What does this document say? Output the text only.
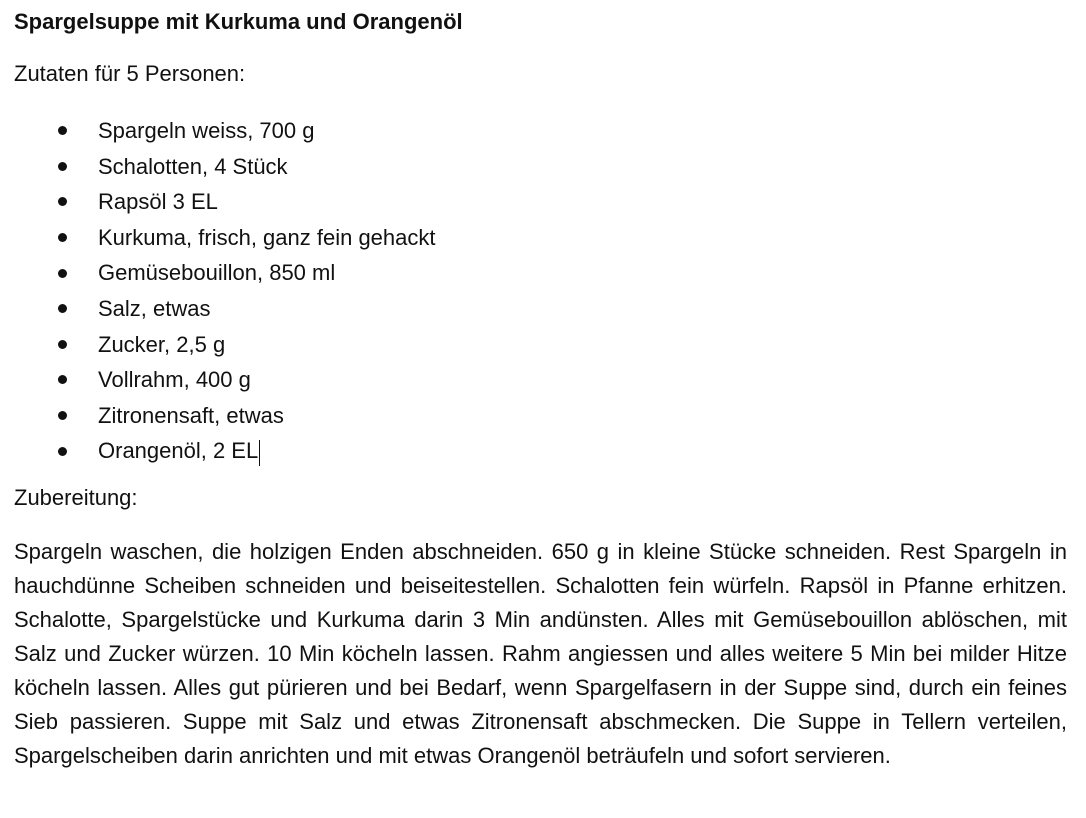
Spargelsuppe mit Kurkuma und Orangenöl

Zutaten für 5 Personen:

Spargeln weiss, 700 g
Schalotten, 4 Stück
Rapsöl 3 EL
Kurkuma, frisch, ganz fein gehackt
Gemüsebouillon, 850 ml
Salz, etwas
Zucker, 2,5 g
Vollrahm, 400 g
Zitronensaft, etwas
Orangenöl, 2 EL

Zubereitung:

Spargeln waschen, die holzigen Enden abschneiden. 650 g in kleine Stücke schneiden. Rest Spargeln in hauchdünne Scheiben schneiden und beiseitestellen. Schalotten fein würfeln. Rapsöl in Pfanne erhitzen. Schalotte, Spargelstücke und Kurkuma darin 3 Min andünsten. Alles mit Gemüsebouillon ablöschen, mit Salz und Zucker würzen. 10 Min köcheln lassen. Rahm angiessen und alles weitere 5 Min bei milder Hitze köcheln lassen. Alles gut pürieren und bei Bedarf, wenn Spargelfasern in der Suppe sind, durch ein feines Sieb passieren. Suppe mit Salz und etwas Zitronensaft abschmecken. Die Suppe in Tellern verteilen, Spargelscheiben darin anrichten und mit etwas Orangenöl beträufeln und sofort servieren.
